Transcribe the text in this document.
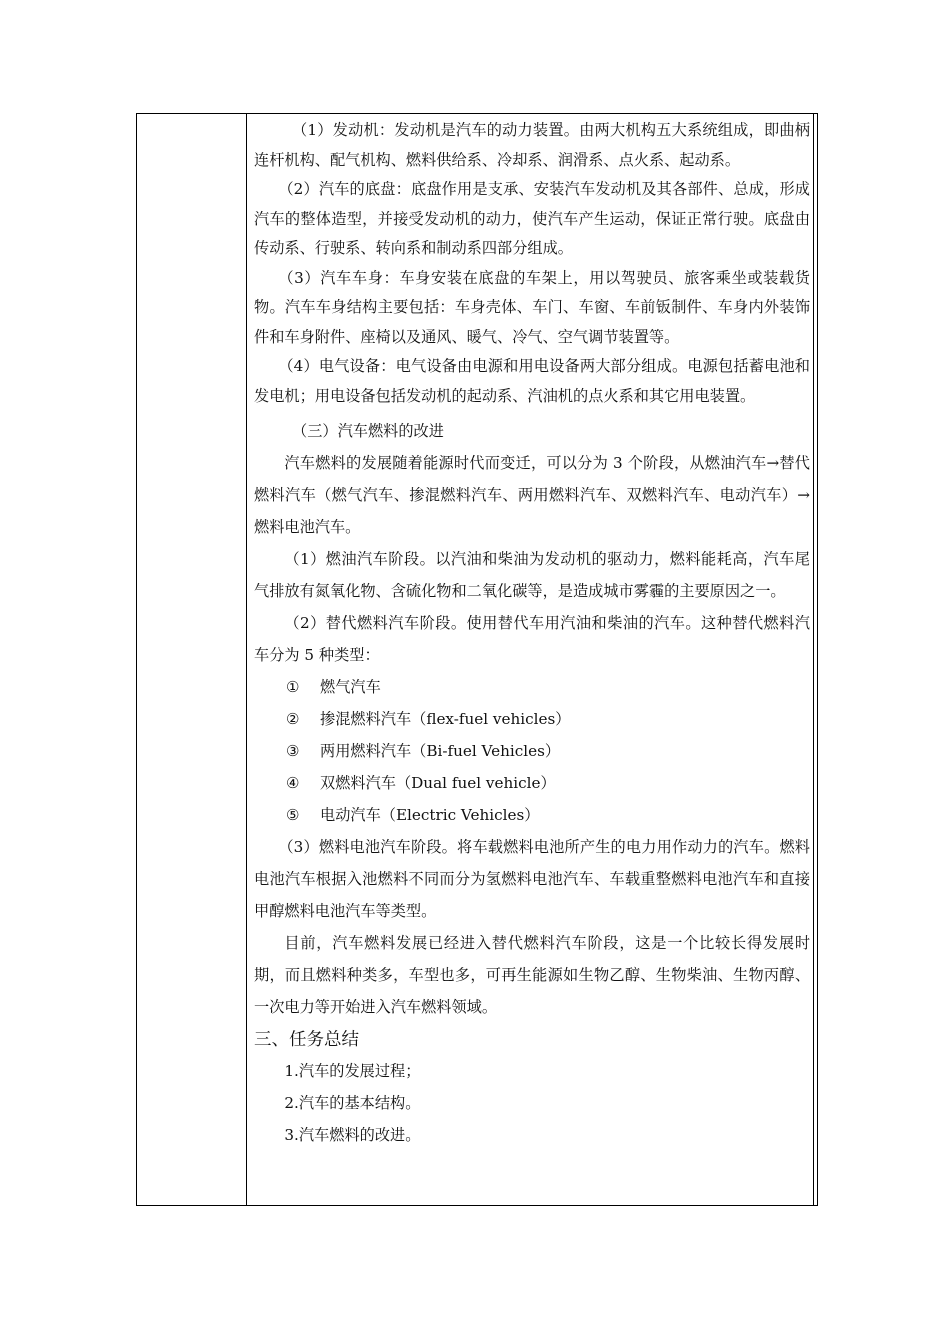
（1）发动机：发动机是汽车的动力装置。由两大机构五大系统组成，即曲柄连杆机构、配气机构、燃料供给系、冷却系、润滑系、点火系、起动系。

（2）汽车的底盘：底盘作用是支承、安装汽车发动机及其各部件、总成，形成汽车的整体造型，并接受发动机的动力，使汽车产生运动，保证正常行驶。底盘由传动系、行驶系、转向系和制动系四部分组成。

（3）汽车车身：车身安装在底盘的车架上，用以驾驶员、旅客乘坐或装载货物。汽车车身结构主要包括：车身壳体、车门、车窗、车前钣制件、车身内外装饰件和车身附件、座椅以及通风、暖气、冷气、空气调节装置等。

（4）电气设备：电气设备由电源和用电设备两大部分组成。电源包括蓄电池和发电机；用电设备包括发动机的起动系、汽油机的点火系和其它用电装置。

（三）汽车燃料的改进

汽车燃料的发展随着能源时代而变迁，可以分为 3 个阶段，从燃油汽车→替代燃料汽车（燃气汽车、掺混燃料汽车、两用燃料汽车、双燃料汽车、电动汽车）→燃料电池汽车。

（1）燃油汽车阶段。以汽油和柴油为发动机的驱动力，燃料能耗高，汽车尾气排放有氮氧化物、含硫化物和二氧化碳等，是造成城市雾霾的主要原因之一。

（2）替代燃料汽车阶段。使用替代车用汽油和柴油的汽车。这种替代燃料汽车分为 5 种类型：

①	燃气汽车
②	掺混燃料汽车（flex-fuel vehicles）
③	两用燃料汽车（Bi-fuel Vehicles）
④	双燃料汽车（Dual fuel vehicle）
⑤	电动汽车（Electric Vehicles）

（3）燃料电池汽车阶段。将车载燃料电池所产生的电力用作动力的汽车。燃料电池汽车根据入池燃料不同而分为氢燃料电池汽车、车载重整燃料电池汽车和直接甲醇燃料电池汽车等类型。

目前，汽车燃料发展已经进入替代燃料汽车阶段，这是一个比较长得发展时期，而且燃料种类多，车型也多，可再生能源如生物乙醇、生物柴油、生物丙醇、一次电力等开始进入汽车燃料领域。

三、任务总结

1.汽车的发展过程；

2.汽车的基本结构。

3.汽车燃料的改进。
